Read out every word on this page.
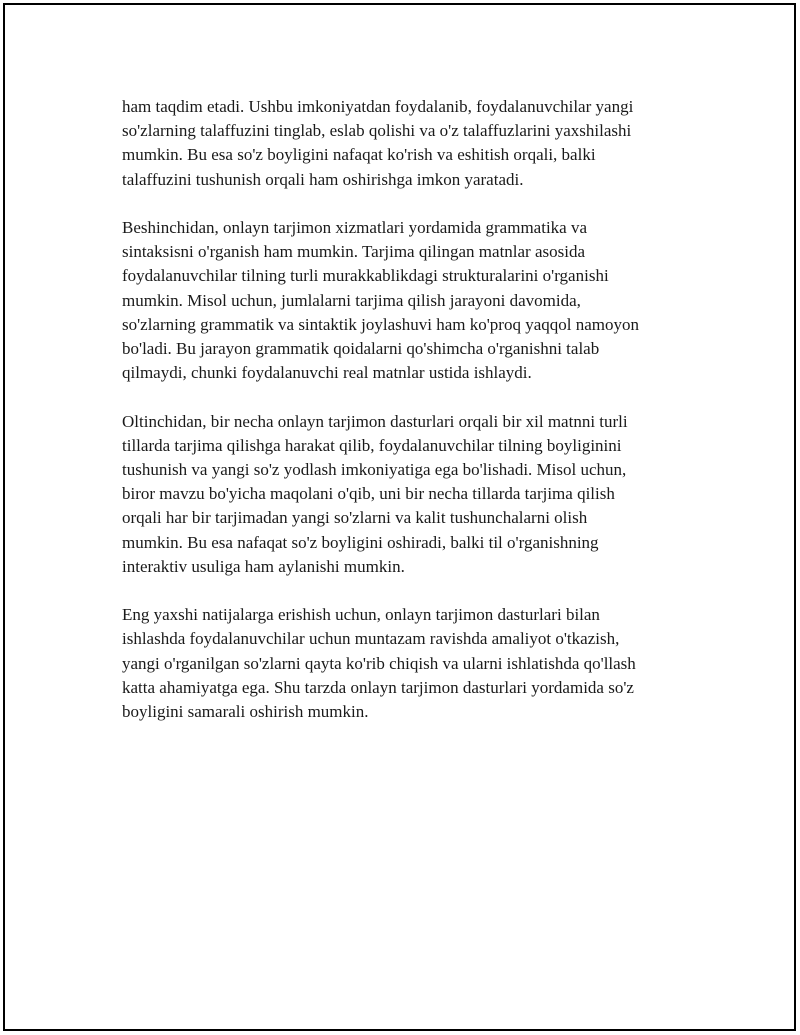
ham taqdim etadi. Ushbu imkoniyatdan foydalanib, foydalanuvchilar yangi
so'zlarning talaffuzini tinglab, eslab qolishi va o'z talaffuzlarini yaxshilashi
mumkin. Bu esa so'z boyligini nafaqat ko'rish va eshitish orqali, balki
talaffuzini tushunish orqali ham oshirishga imkon yaratadi.

Beshinchidan, onlayn tarjimon xizmatlari yordamida grammatika va
sintaksisni o'rganish ham mumkin. Tarjima qilingan matnlar asosida
foydalanuvchilar tilning turli murakkablikdagi strukturalarini o'rganishi
mumkin. Misol uchun, jumlalarni tarjima qilish jarayoni davomida,
so'zlarning grammatik va sintaktik joylashuvi ham ko'proq yaqqol namoyon
bo'ladi. Bu jarayon grammatik qoidalarni qo'shimcha o'rganishni talab
qilmaydi, chunki foydalanuvchi real matnlar ustida ishlaydi.

Oltinchidan, bir necha onlayn tarjimon dasturlari orqali bir xil matnni turli
tillarda tarjima qilishga harakat qilib, foydalanuvchilar tilning boyliginini
tushunish va yangi so'z yodlash imkoniyatiga ega bo'lishadi. Misol uchun,
biror mavzu bo'yicha maqolani o'qib, uni bir necha tillarda tarjima qilish
orqali har bir tarjimadan yangi so'zlarni va kalit tushunchalarni olish
mumkin. Bu esa nafaqat so'z boyligini oshiradi, balki til o'rganishning
interaktiv usuliga ham aylanishi mumkin.

Eng yaxshi natijalarga erishish uchun, onlayn tarjimon dasturlari bilan
ishlashda foydalanuvchilar uchun muntazam ravishda amaliyot o'tkazish,
yangi o'rganilgan so'zlarni qayta ko'rib chiqish va ularni ishlatishda qo'llash
katta ahamiyatga ega. Shu tarzda onlayn tarjimon dasturlari yordamida so'z
boyligini samarali oshirish mumkin.
